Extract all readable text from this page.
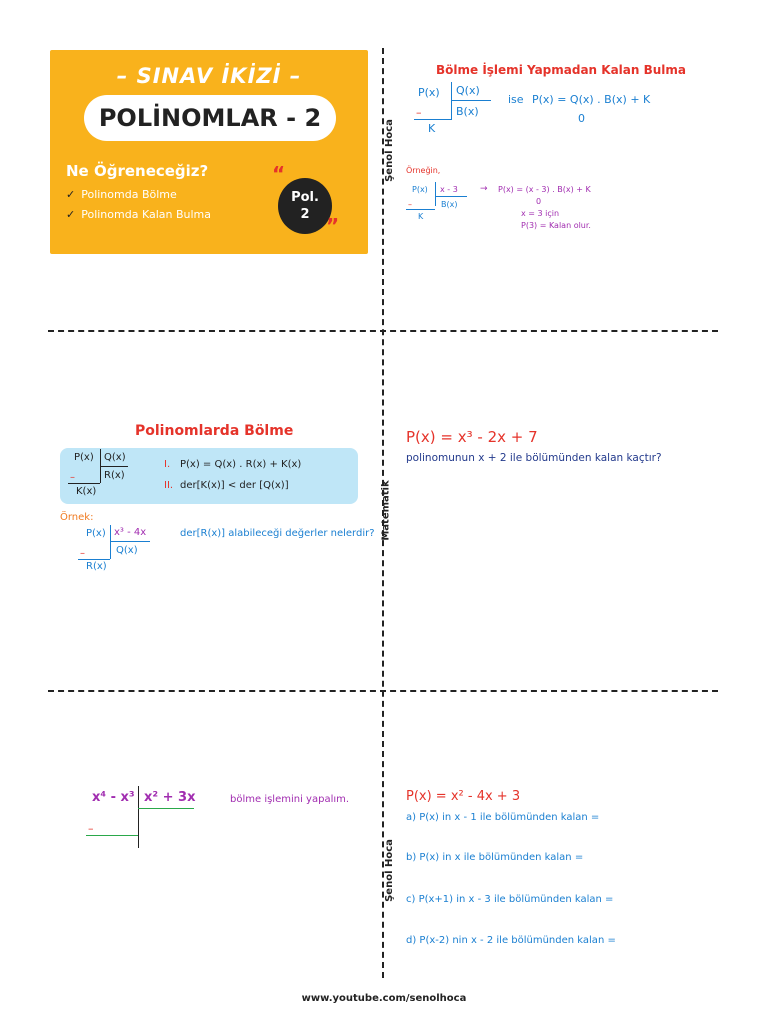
Şenol Hoca
Matematik
Şenol Hoca
– SINAV İKİZİ –
POLİNOMLAR - 2
Ne Öğreneceğiz?
✓ Polinomda Bölme
✓ Polinomda Kalan Bulma
“
Pol.
2 ”
Bölme İşlemi Yapmadan Kalan Bulma
P(x) Q(x)
B(x)
–
K
ise P(x) = Q(x) . B(x) + K
0
Örneğin,
P(x) x - 3
B(x)
–
K
→ P(x) = (x - 3) . B(x) + K
0
x = 3 için
P(3) = Kalan olur.
Polinomlarda Bölme
P(x) Q(x)
R(x)
–
K(x)
I. P(x) = Q(x) . R(x) + K(x)
II. der[K(x)] < der [Q(x)]
Örnek:
P(x) x³ - 4x
Q(x)
–
R(x)
der[R(x)] alabileceği değerler nelerdir?
P(x) = x³ - 2x + 7
polinomunun x + 2 ile bölümünden kalan kaçtır?
x⁴ - x³ x² + 3x
–
bölme işlemini yapalım.	P(x) = x² - 4x + 3
a) P(x) in x - 1 ile bölümünden kalan =
b) P(x) in x ile bölümünden kalan =
c) P(x+1) in x - 3 ile bölümünden kalan =
d) P(x-2) nin x - 2 ile bölümünden kalan =
www.youtube.com/senolhoca
